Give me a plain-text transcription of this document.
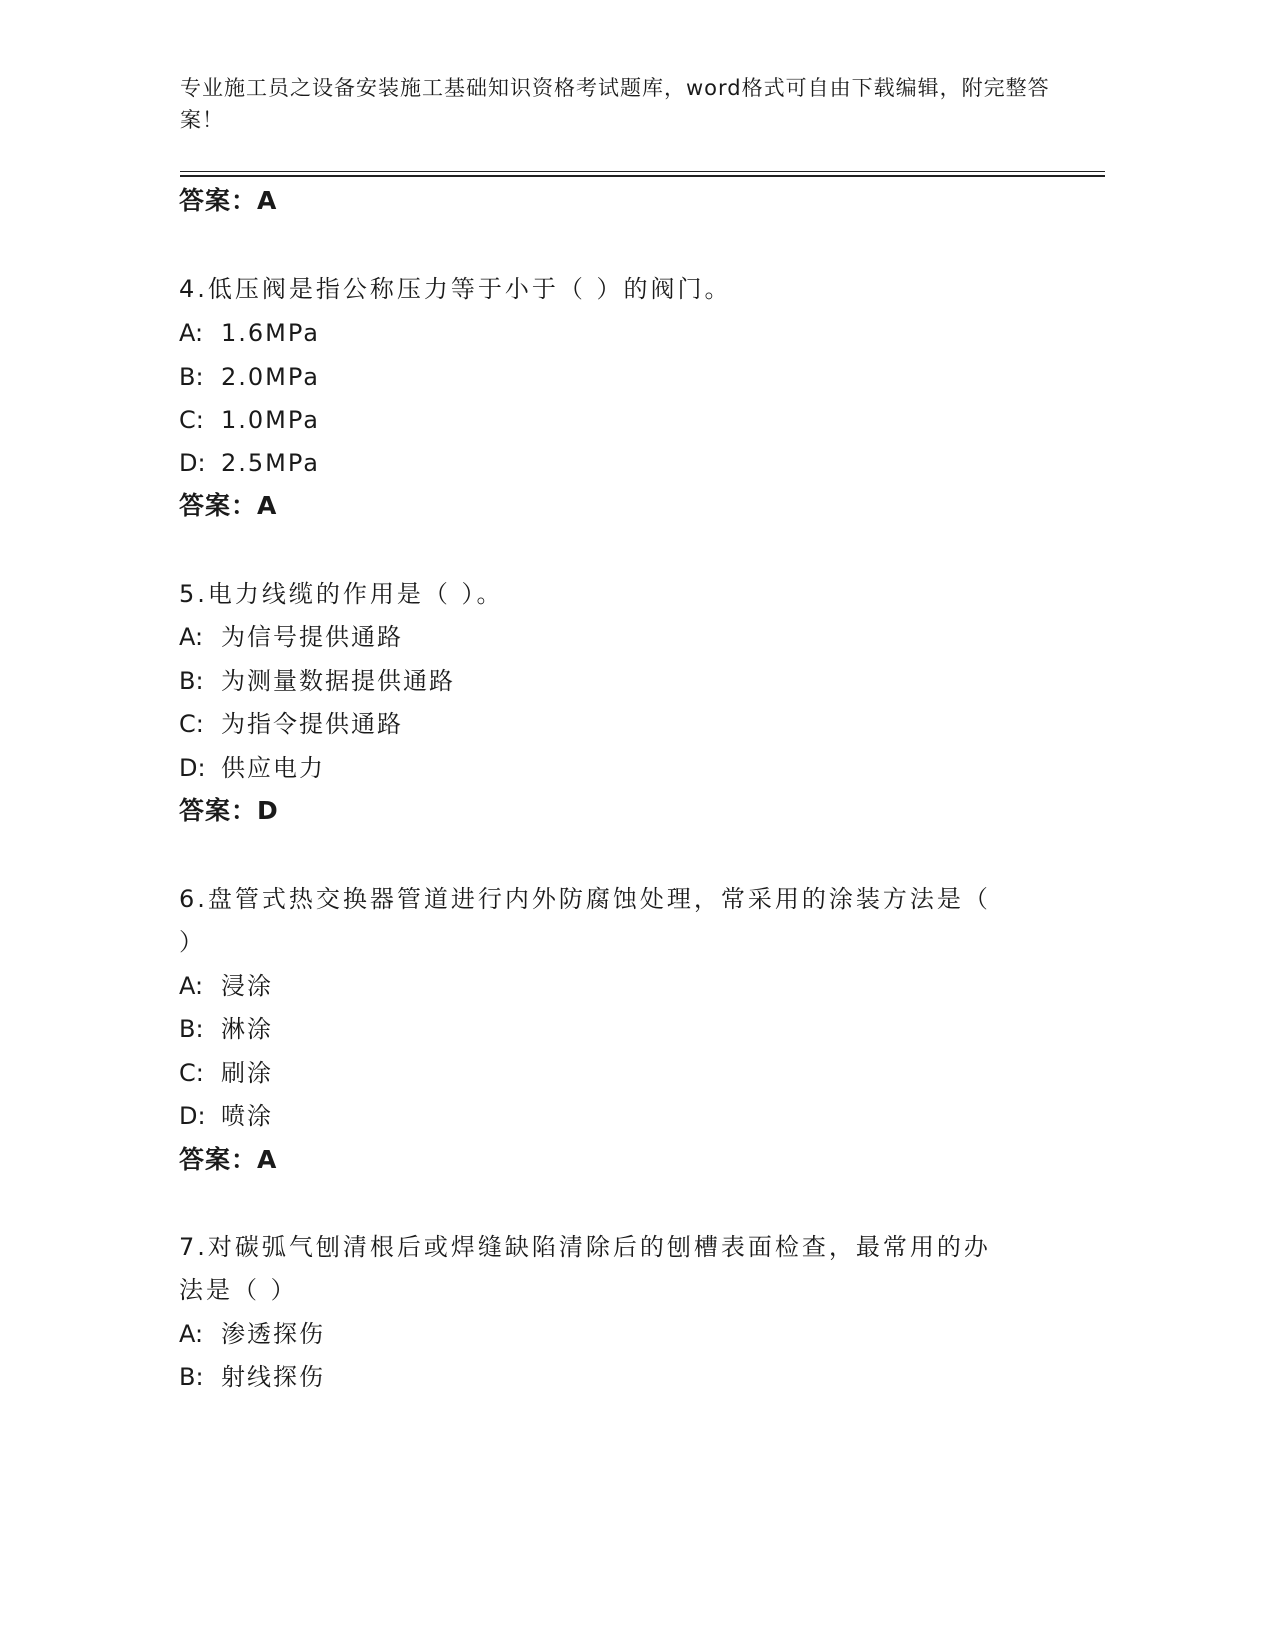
专业施工员之设备安装施工基础知识资格考试题库，word格式可自由下载编辑，附完整答案！
答案：A
4.低压阀是指公称压力等于小于（ ）的阀门。
A: 1.6MPa
B: 2.0MPa
C: 1.0MPa
D: 2.5MPa
答案：A
5.电力线缆的作用是（ ）。
A: 为信号提供通路
B: 为测量数据提供通路
C: 为指令提供通路
D: 供应电力
答案：D
6.盘管式热交换器管道进行内外防腐蚀处理，常采用的涂装方法是（
）
A: 浸涂
B: 淋涂
C: 刷涂
D: 喷涂
答案：A
7.对碳弧气刨清根后或焊缝缺陷清除后的刨槽表面检查，最常用的办
法是（ ）
A: 渗透探伤
B: 射线探伤
